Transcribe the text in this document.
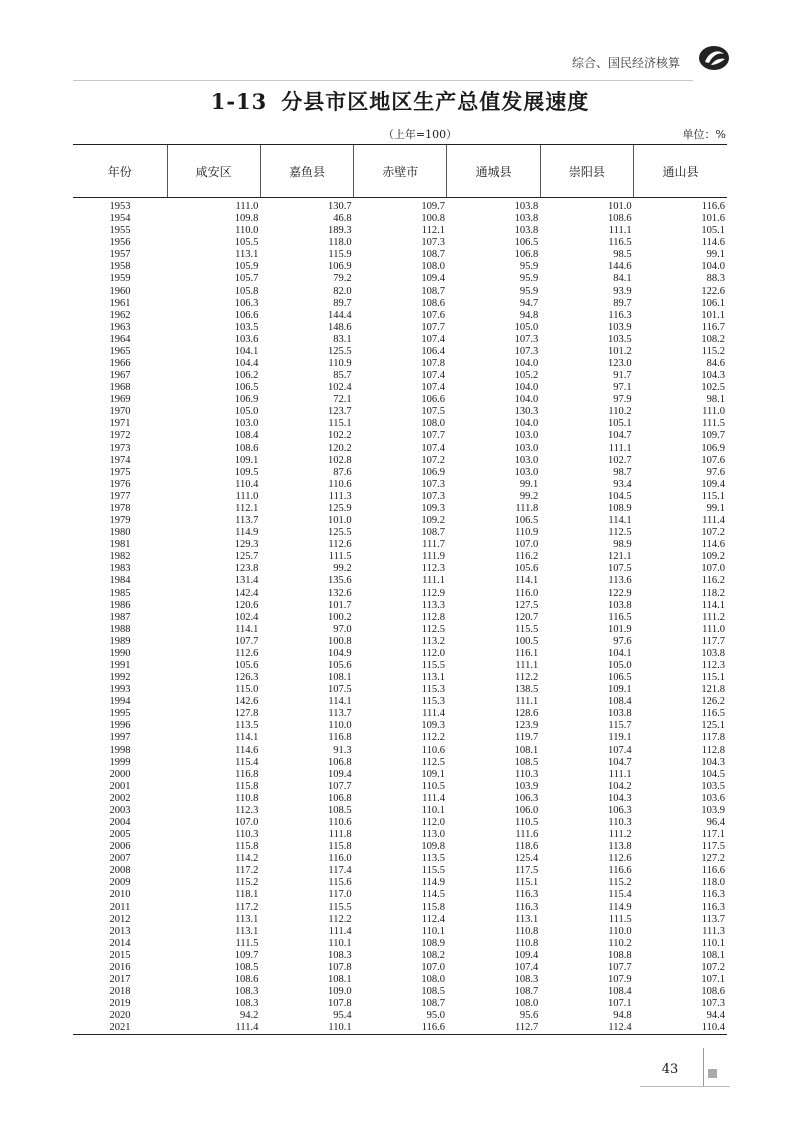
综合、国民经济核算
1-13 分县市区地区生产总值发展速度
（上年=100）	单位：%
年份	咸安区	嘉鱼县	赤壁市	通城县	崇阳县	通山县
1953	111.0	130.7	109.7	103.8	101.0	116.6
1954	109.8	46.8	100.8	103.8	108.6	101.6
1955	110.0	189.3	112.1	103.8	111.1	105.1
1956	105.5	118.0	107.3	106.5	116.5	114.6
1957	113.1	115.9	108.7	106.8	98.5	99.1
1958	105.9	106.9	108.0	95.9	144.6	104.0
1959	105.7	79.2	109.4	95.9	84.1	88.3
1960	105.8	82.0	108.7	95.9	93.9	122.6
1961	106.3	89.7	108.6	94.7	89.7	106.1
1962	106.6	144.4	107.6	94.8	116.3	101.1
1963	103.5	148.6	107.7	105.0	103.9	116.7
1964	103.6	83.1	107.4	107.3	103.5	108.2
1965	104.1	125.5	106.4	107.3	101.2	115.2
1966	104.4	110.9	107.8	104.0	123.0	84.6
1967	106.2	85.7	107.4	105.2	91.7	104.3
1968	106.5	102.4	107.4	104.0	97.1	102.5
1969	106.9	72.1	106.6	104.0	97.9	98.1
1970	105.0	123.7	107.5	130.3	110.2	111.0
1971	103.0	115.1	108.0	104.0	105.1	111.5
1972	108.4	102.2	107.7	103.0	104.7	109.7
1973	108.6	120.2	107.4	103.0	111.1	106.9
1974	109.1	102.8	107.2	103.0	102.7	107.6
1975	109.5	87.6	106.9	103.0	98.7	97.6
1976	110.4	110.6	107.3	99.1	93.4	109.4
1977	111.0	111.3	107.3	99.2	104.5	115.1
1978	112.1	125.9	109.3	111.8	108.9	99.1
1979	113.7	101.0	109.2	106.5	114.1	111.4
1980	114.9	125.5	108.7	110.9	112.5	107.2
1981	129.3	112.6	111.7	107.0	98.9	114.6
1982	125.7	111.5	111.9	116.2	121.1	109.2
1983	123.8	99.2	112.3	105.6	107.5	107.0
1984	131.4	135.6	111.1	114.1	113.6	116.2
1985	142.4	132.6	112.9	116.0	122.9	118.2
1986	120.6	101.7	113.3	127.5	103.8	114.1
1987	102.4	100.2	112.8	120.7	116.5	111.2
1988	114.1	97.0	112.5	115.5	101.9	111.0
1989	107.7	100.8	113.2	100.5	97.6	117.7
1990	112.6	104.9	112.0	116.1	104.1	103.8
1991	105.6	105.6	115.5	111.1	105.0	112.3
1992	126.3	108.1	113.1	112.2	106.5	115.1
1993	115.0	107.5	115.3	138.5	109.1	121.8
1994	142.6	114.1	115.3	111.1	108.4	126.2
1995	127.8	113.7	111.4	128.6	103.8	116.5
1996	113.5	110.0	109.3	123.9	115.7	125.1
1997	114.1	116.8	112.2	119.7	119.1	117.8
1998	114.6	91.3	110.6	108.1	107.4	112.8
1999	115.4	106.8	112.5	108.5	104.7	104.3
2000	116.8	109.4	109.1	110.3	111.1	104.5
2001	115.8	107.7	110.5	103.9	104.2	103.5
2002	110.8	106.8	111.4	106.3	104.3	103.6
2003	112.3	108.5	110.1	106.0	106.3	103.9
2004	107.0	110.6	112.0	110.5	110.3	96.4
2005	110.3	111.8	113.0	111.6	111.2	117.1
2006	115.8	115.8	109.8	118.6	113.8	117.5
2007	114.2	116.0	113.5	125.4	112.6	127.2
2008	117.2	117.4	115.5	117.5	116.6	116.6
2009	115.2	115.6	114.9	115.1	115.2	118.0
2010	118.1	117.0	114.5	116.3	115.4	116.3
2011	117.2	115.5	115.8	116.3	114.9	116.3
2012	113.1	112.2	112.4	113.1	111.5	113.7
2013	113.1	111.4	110.1	110.8	110.0	111.3
2014	111.5	110.1	108.9	110.8	110.2	110.1
2015	109.7	108.3	108.2	109.4	108.8	108.1
2016	108.5	107.8	107.0	107.4	107.7	107.2
2017	108.6	108.1	108.0	108.3	107.9	107.1
2018	108.3	109.0	108.5	108.7	108.4	108.6
2019	108.3	107.8	108.7	108.0	107.1	107.3
2020	94.2	95.4	95.0	95.6	94.8	94.4
2021	111.4	110.1	116.6	112.7	112.4	110.4
43
